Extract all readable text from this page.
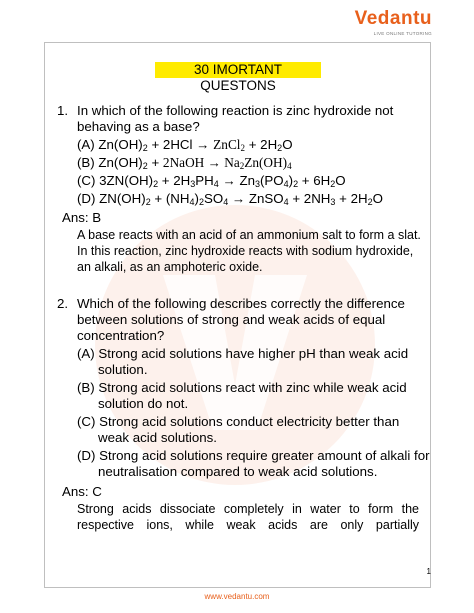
Vedantu
LIVE ONLINE TUTORING
30 IMORTANT QUESTONS
1. In which of the following reaction is zinc hydroxide not
behaving as a base?
(A) $Zn(OH)_2 + 2HCl$ → ZnCl$_2$ + $2H_2O$
(B) $Zn(OH)_2$ + 2NaOH → $Na_2Zn(OH)_4$
(C) $3ZN(OH)_2 + 2H_3PH_4 \to Zn_3(PO_4)_2 + 6H_2O$
(D) $ZN(OH)_2 + (NH_4)_2SO_4$ → ZnSO$_4$ + $2NH_3 + 2H_2O$
Ans: B
A base reacts with an acid of an ammonium salt to form a slat.
In this reaction, zinc hydroxide reacts with sodium hydroxide,
an alkali, as an amphoteric oxide.
2. Which of the following describes correctly the difference
between solutions of strong and weak acids of equal
concentration?
(A) Strong acid solutions have higher pH than weak acid
solution.
(B) Strong acid solutions react with zinc while weak acid
solution do not.
(C) Strong acid solutions conduct electricity better than
weak acid solutions.
(D) Strong acid solutions require greater amount of alkali for
neutralisation compared to weak acid solutions.
Ans: C
Strong acids dissociate completely in water to form the
respective ions, while weak acids are only partially
1
www.vedantu.com
